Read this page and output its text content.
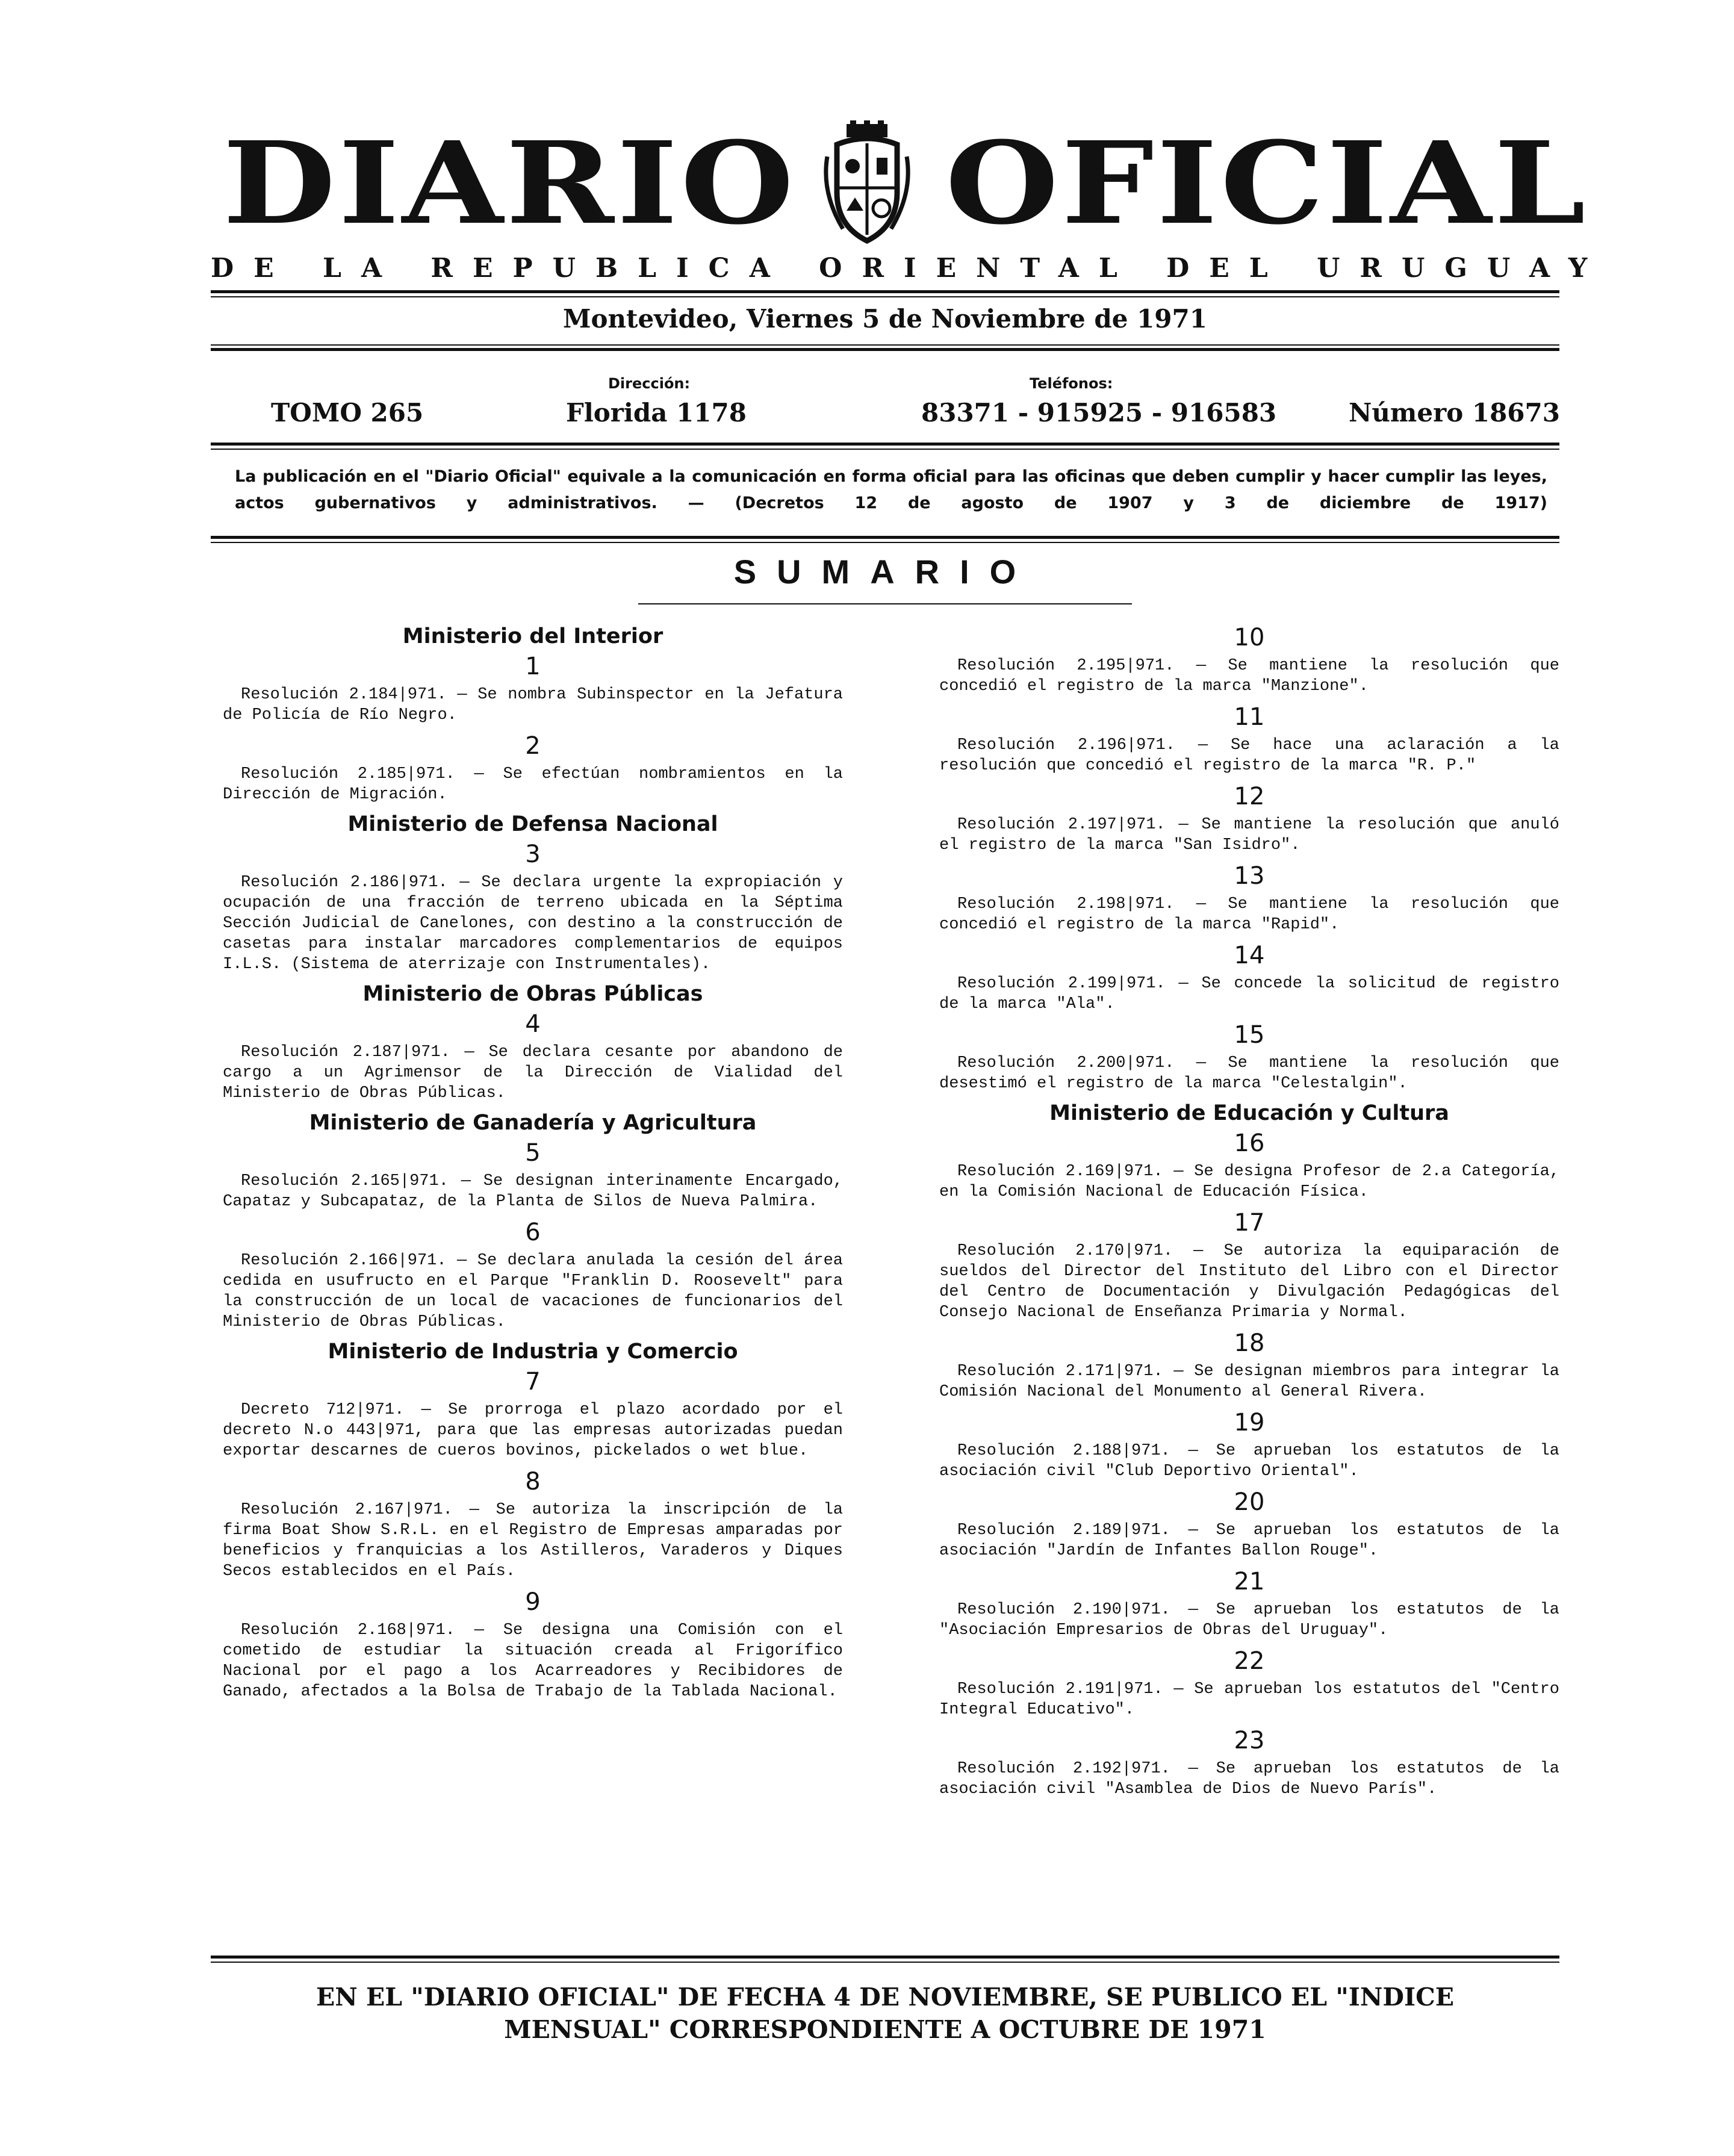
DIARIO OFICIAL
DE LA REPUBLICA ORIENTAL DEL URUGUAY
Montevideo, Viernes 5 de Noviembre de 1971
Dirección:	Teléfonos:
TOMO 265	Florida 1178	83371 - 915925 - 916583	Número 18673
La publicación en el "Diario Oficial" equivale a la comunicación en forma oficial para las oficinas que deben cumplir y hacer cumplir las leyes, actos gubernativos y administrativos. — (Decretos 12 de agosto de 1907 y 3 de diciembre de 1917)
SUMARIO
Ministerio del Interior
1
Resolución 2.184|971. — Se nombra Subinspector en la Jefatura de Policía de Río Negro.
2
Resolución 2.185|971. — Se efectúan nombramientos en la Dirección de Migración.
Ministerio de Defensa Nacional
3
Resolución 2.186|971. — Se declara urgente la expropiación y ocupación de una fracción de terreno ubicada en la Séptima Sección Judicial de Canelones, con destino a la construcción de casetas para instalar marcadores complementarios de equipos I.L.S. (Sistema de aterrizaje con Instrumentales).
Ministerio de Obras Públicas
4
Resolución 2.187|971. — Se declara cesante por abandono de cargo a un Agrimensor de la Dirección de Vialidad del Ministerio de Obras Públicas.
Ministerio de Ganadería y Agricultura
5
Resolución 2.165|971. — Se designan interinamente Encargado, Capataz y Subcapataz, de la Planta de Silos de Nueva Palmira.
6
Resolución 2.166|971. — Se declara anulada la cesión del área cedida en usufructo en el Parque "Franklin D. Roosevelt" para la construcción de un local de vacaciones de funcionarios del Ministerio de Obras Públicas.
Ministerio de Industria y Comercio
7
Decreto 712|971. — Se prorroga el plazo acordado por el decreto N.o 443|971, para que las empresas autorizadas puedan exportar descarnes de cueros bovinos, pickelados o wet blue.
8
Resolución 2.167|971. — Se autoriza la inscripción de la firma Boat Show S.R.L. en el Registro de Empresas amparadas por beneficios y franquicias a los Astilleros, Varaderos y Diques Secos establecidos en el País.
9
Resolución 2.168|971. — Se designa una Comisión con el cometido de estudiar la situación creada al Frigorífico Nacional por el pago a los Acarreadores y Recibidores de Ganado, afectados a la Bolsa de Trabajo de la Tablada Nacional.
10
Resolución 2.195|971. — Se mantiene la resolución que concedió el registro de la marca "Manzione".
11
Resolución 2.196|971. — Se hace una aclaración a la resolución que concedió el registro de la marca "R. P."
12
Resolución 2.197|971. — Se mantiene la resolución que anuló el registro de la marca "San Isidro".
13
Resolución 2.198|971. — Se mantiene la resolución que concedió el registro de la marca "Rapid".
14
Resolución 2.199|971. — Se concede la solicitud de registro de la marca "Ala".
15
Resolución 2.200|971. — Se mantiene la resolución que desestimó el registro de la marca "Celestalgin".
Ministerio de Educación y Cultura
16
Resolución 2.169|971. — Se designa Profesor de 2.a Categoría, en la Comisión Nacional de Educación Física.
17
Resolución 2.170|971. — Se autoriza la equiparación de sueldos del Director del Instituto del Libro con el Director del Centro de Documentación y Divulgación Pedagógicas del Consejo Nacional de Enseñanza Primaria y Normal.
18
Resolución 2.171|971. — Se designan miembros para integrar la Comisión Nacional del Monumento al General Rivera.
19
Resolución 2.188|971. — Se aprueban los estatutos de la asociación civil "Club Deportivo Oriental".
20
Resolución 2.189|971. — Se aprueban los estatutos de la asociación "Jardín de Infantes Ballon Rouge".
21
Resolución 2.190|971. — Se aprueban los estatutos de la "Asociación Empresarios de Obras del Uruguay".
22
Resolución 2.191|971. — Se aprueban los estatutos del "Centro Integral Educativo".
23
Resolución 2.192|971. — Se aprueban los estatutos de la asociación civil "Asamblea de Dios de Nuevo París".
EN EL "DIARIO OFICIAL" DE FECHA 4 DE NOVIEMBRE, SE PUBLICO EL "INDICE
MENSUAL" CORRESPONDIENTE A OCTUBRE DE 1971
